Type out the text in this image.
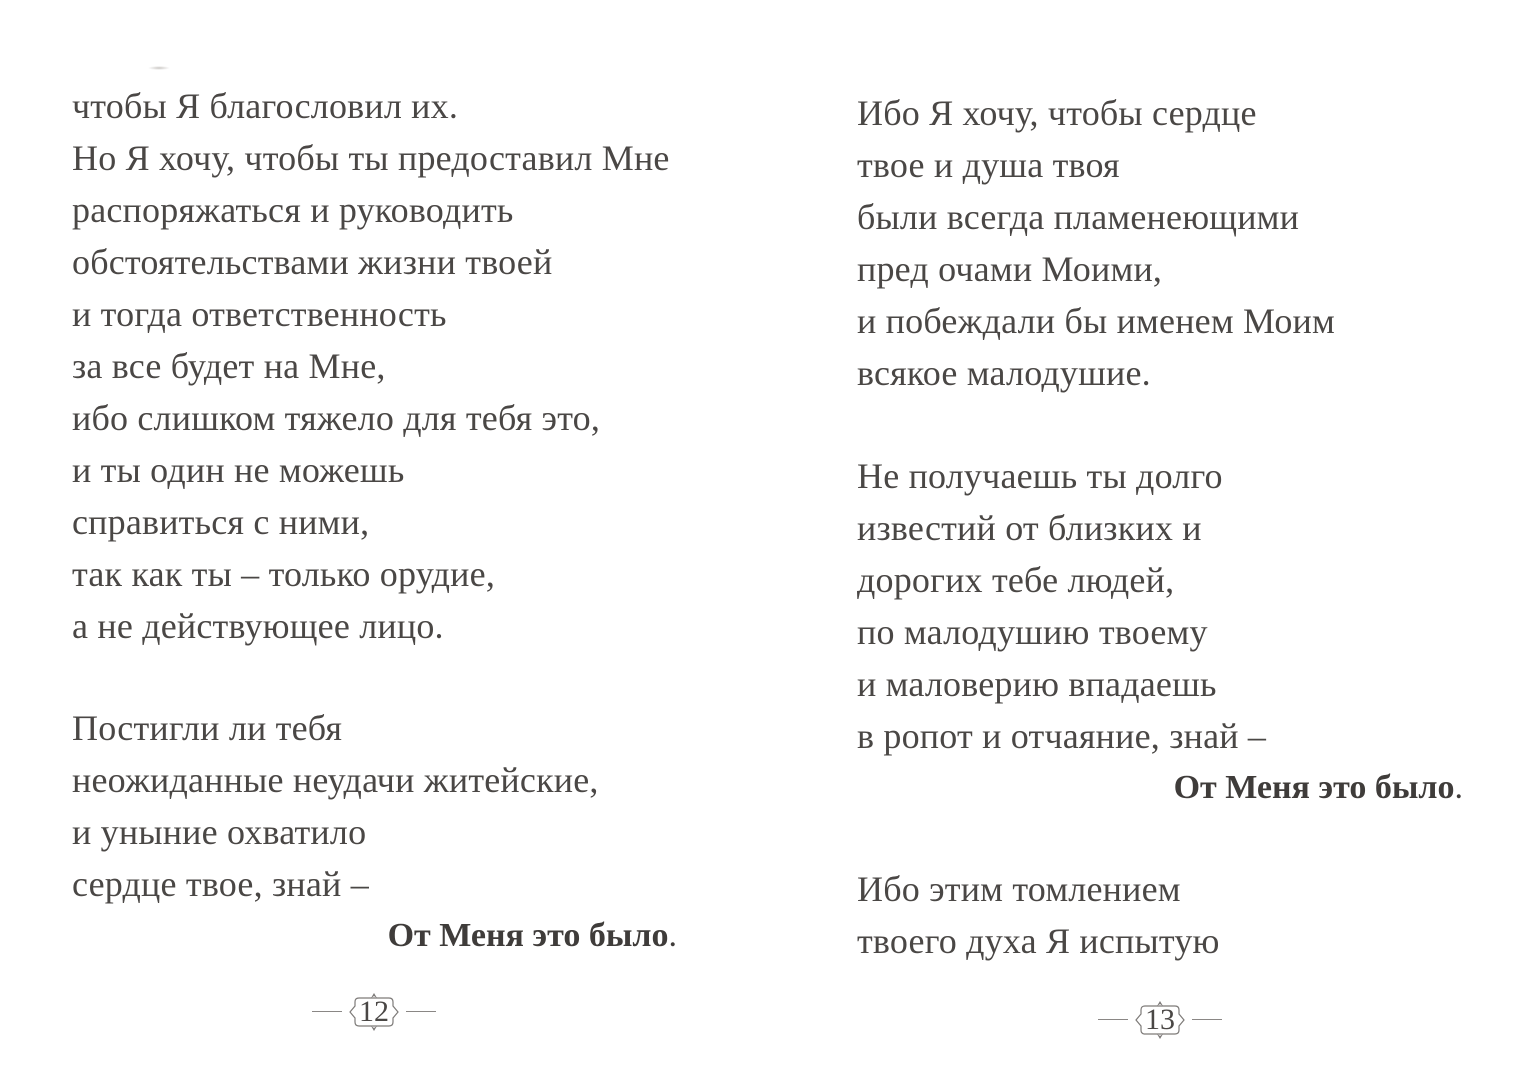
чтобы Я благословил их.
Но Я хочу, чтобы ты предоставил Мне
распоряжаться и руководить
обстоятельствами жизни твоей
и тогда ответственность
за все будет на Мне,
ибо слишком тяжело для тебя это,
и ты один не можешь
справиться с ними,
так как ты – только орудие,
а не действующее лицо.
Постигли ли тебя
неожиданные неудачи житейские,
и уныние охватило
сердце твое, знай –
От Меня это было.
12
Ибо Я хочу, чтобы сердце
твое и душа твоя
были всегда пламенеющими
пред очами Моими,
и побеждали бы именем Моим
всякое малодушие.
Не получаешь ты долго
известий от близких и
дорогих тебе людей,
по малодушию твоему
и маловерию впадаешь
в ропот и отчаяние, знай –
От Меня это было.
Ибо этим томлением
твоего духа Я испытую
13
